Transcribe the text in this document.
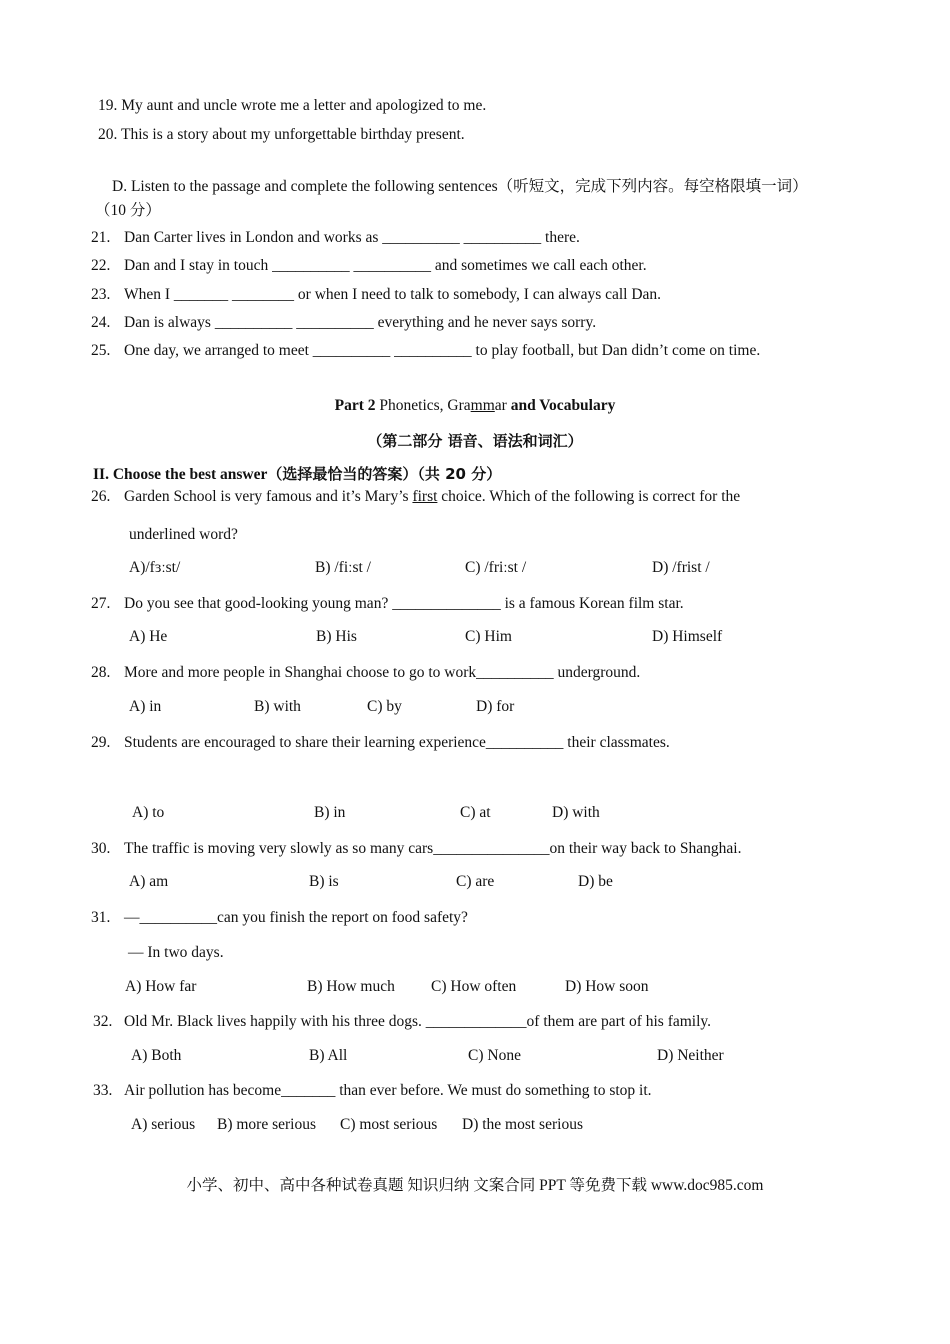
19. My aunt and uncle wrote me a letter and apologized to me.
20. This is a story about my unforgettable birthday present.
D. Listen to the passage and complete the following sentences（听短文，完成下列内容。每空格限填一词）
（10 分）
21. Dan Carter lives in London and works as __________ __________ there.
22. Dan and I stay in touch __________ __________ and sometimes we call each other.
23. When I _______ ________ or when I need to talk to somebody, I can always call Dan.
24. Dan is always __________ __________ everything and he never says sorry.
25. One day, we arranged to meet __________ __________ to play football, but Dan didn’t come on time.
Part 2 Phonetics, Grammar and Vocabulary
（第二部分 语音、语法和词汇）
II. Choose the best answer（选择最恰当的答案）（共 20 分）
26. Garden School is very famous and it’s Mary’s first choice. Which of the following is correct for the
underlined word?
A)/fɜːst/	B) /fiːst /	C) /friːst /	D) /frist /
27. Do you see that good-looking young man? ______________ is a famous Korean film star.
A) He	B) His	C) Him	D) Himself
28. More and more people in Shanghai choose to go to work__________ underground.
A) in	B) with	C) by	D) for
29. Students are encouraged to share their learning experience__________ their classmates.
A) to	B) in	C) at	D) with
30. The traffic is moving very slowly as so many cars_______________on their way back to Shanghai.
A) am	B) is	C) are	D) be
31. —__________can you finish the report on food safety?
— In two days.
A) How far	B) How much C) How often	D) How soon
32. Old Mr. Black lives happily with his three dogs. _____________of them are part of his family.
A) Both	B) All	C) None	D) Neither
33. Air pollution has become_______ than ever before. We must do something to stop it.
A) serious B) more serious C) most serious D) the most serious
小学、初中、高中各种试卷真题 知识归纳 文案合同 PPT 等免费下载 www.doc985.com
